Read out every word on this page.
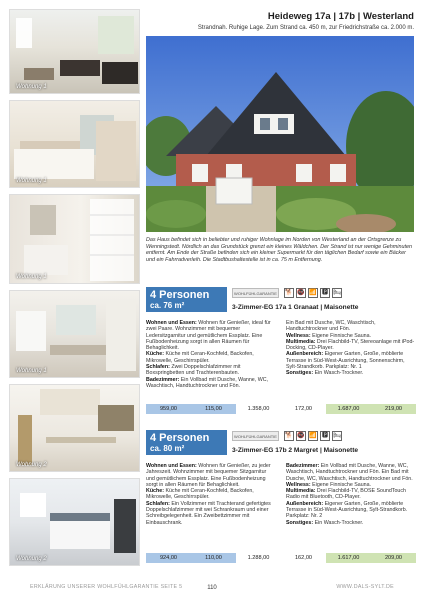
Wohnung 1
Wohnung 1
Wohnung 1
Wohnung 1
Wohnung 2
Wohnung 2
Heideweg 17a | 17b | Westerland
Strandnah. Ruhige Lage. Zum Strand ca. 450 m, zur Friedrichstraße ca. 2.000 m.
Das Haus befindet sich in beliebter und ruhiger Wohnlage im Norden von Westerland an der Ortsgrenze zu Wenningstedt. Nördlich an das Grundstück grenzt ein kleines Wäldchen. Der Strand ist nur wenige Gehminuten entfernt. Am Ende der Straße befinden sich ein kleiner Supermarkt für den täglichen Bedarf sowie ein Bäcker und ein Fahrradverleih. Die Stadtbushaltestelle ist in ca. 75 m Entfernung.
4 Personen
ca. 76 m²
WOHLFÜHLGARANTIE	🐕 🚭 📶 🅿 🛏
3-Zimmer-EG 17a 1 Granaat | Maisonette
Wohnen und Essen: Wohnen für Genießer, ideal für zwei Paare. Wohnzimmer mit bequemer Ledersitzgarnitur und gemütlichem Essplatz. Eine Fußbodenheizung sorgt in allen Räumen für Behaglichkeit.
Küche: Küche mit Ceran-Kochfeld, Backofen, Mikrowelle, Geschirrspüler.
Schlafen: Zwei Doppelschlafzimmer mit Boxspringbetten und Trachterenbauten.
Badezimmer: Ein Vollbad mit Dusche, Wanne, WC, Waschtisch, Handtuchtrockner und Fön.
Ein Bad mit Dusche, WC, Waschtisch, Handtuchtrockner und Fön.
Wellness: Eigene Finnische Sauna.
Multimedia: Drei Flachbild-TV, Stereoanlage mit iPod-Docking, CD-Player.
Außenbereich: Eigener Garten, Große, möblierte Terrasse in Süd-West-Ausrichtung, Sonnenschirm, Sylt-Strandkorb. Parkplatz: Nr. 1
Sonstiges: Ein Wasch-Trockner.
959,00	115,00	1.358,00	172,00	1.687,00	219,00
4 Personen
ca. 80 m²
WOHLFÜHLGARANTIE	🐕 🚭 📶 🅿 🛏
3-Zimmer-EG 17b 2 Margret | Maisonette
Wohnen und Essen: Wohnen für Genießer, zu jeder Jahreszeit. Wohnzimmer mit bequemer Sitzgarnitur und gemütlichem Essplatz. Eine Fußbodenheizung sorgt in allen Räumen für Behaglichkeit.
Küche: Küche mit Ceran-Kochfeld, Backofen, Mikrowelle, Geschirrspüler.
Schlafen: Ein Vollzimmer mit Trachterand gefertigtes Doppelschlafzimmer mit wei Schrankraum und einer Schreibgelegenheit. Ein Zweibettzimmer mit Einbauschrank.
Badezimmer: Ein Vollbad mit Dusche, Wanne, WC, Waschtisch, Handtuchtrockner und Fön. Ein Bad mit Dusche, WC, Waschtisch, Handtuchtrockner und Fön.
Wellness: Eigene Finnische Sauna.
Multimedia: Drei Flachbild-TV, BOSE SoundTouch Radio mit Bluetooth, CD-Player.
Außenbereich: Eigener Garten, Große, möblierte Terrasse in Süd-West-Ausrichtung, Sylt-Strandkorb. Parkplatz: Nr. 2
Sonstiges: Ein Wasch-Trockner.
924,00	110,00	1.288,00	162,00	1.617,00	209,00
ERKLÄRUNG UNSERER WOHLFÜHLGARANTIE SEITE 5	110	WWW.DALS-SYLT.DE
